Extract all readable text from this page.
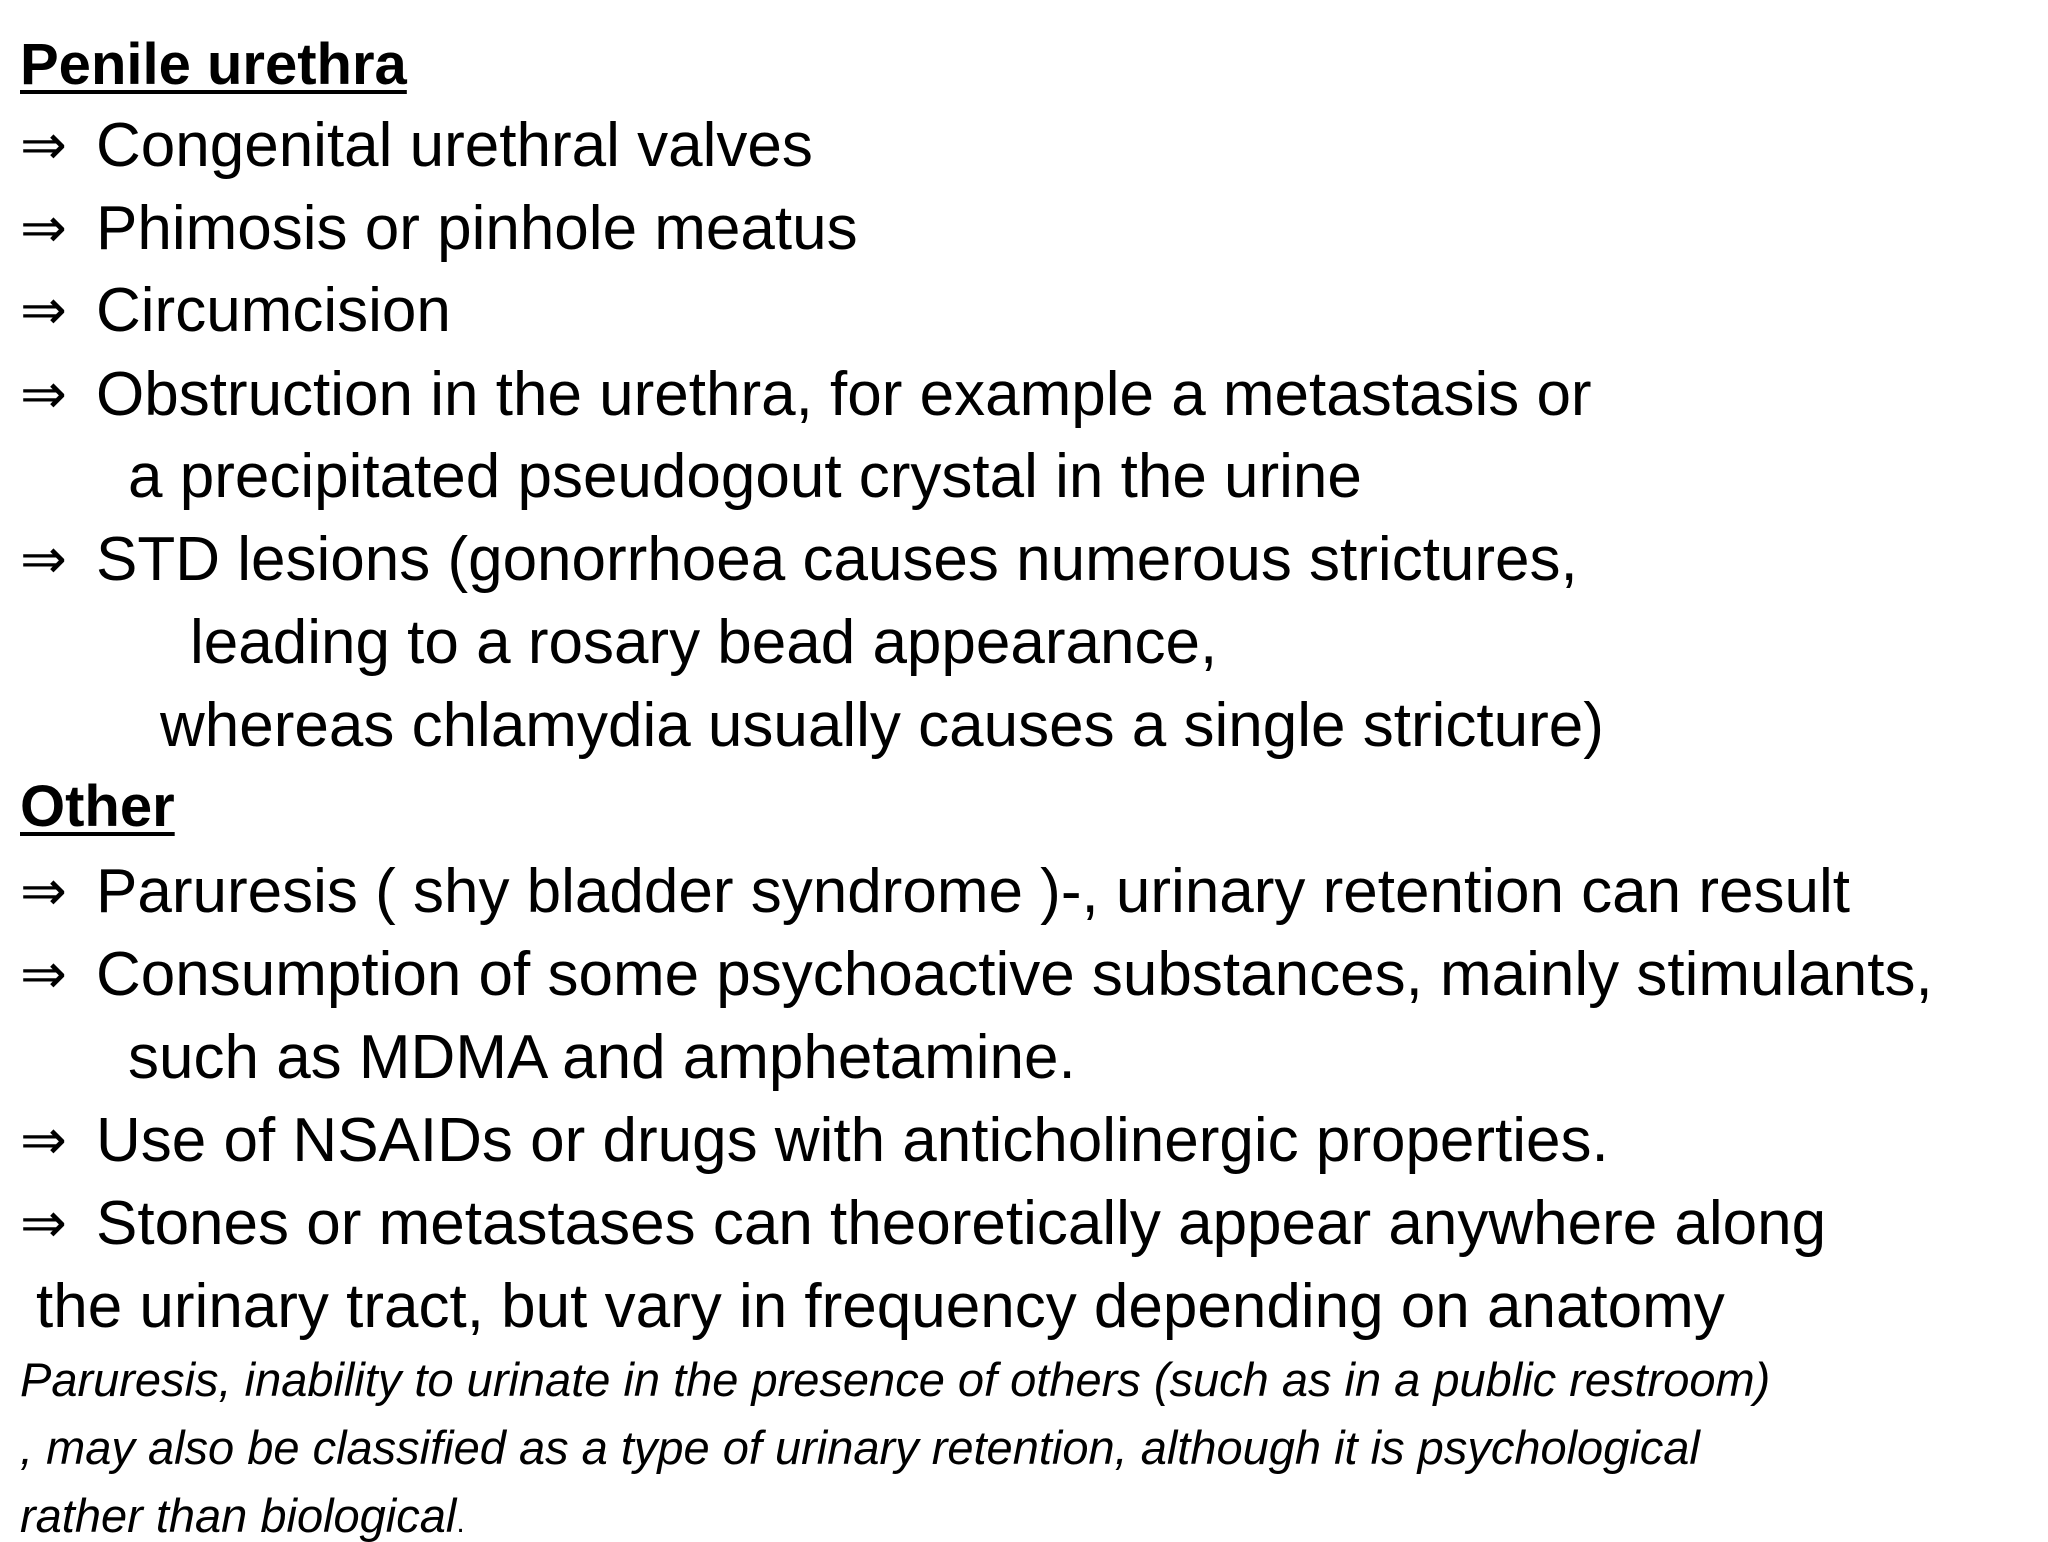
Penile urethra
⇒ Congenital urethral valves
⇒ Phimosis or pinhole meatus
⇒ Circumcision
⇒ Obstruction in the urethra, for example a metastasis or
a precipitated pseudogout crystal in the urine
⇒ STD lesions (gonorrhoea causes numerous strictures,
leading to a rosary bead appearance,
whereas chlamydia usually causes a single stricture)
Other
⇒ Paruresis ( shy bladder syndrome )-, urinary retention can result
⇒ Consumption of some psychoactive substances, mainly stimulants,
such as MDMA and amphetamine.
⇒ Use of NSAIDs or drugs with anticholinergic properties.
⇒ Stones or metastases can theoretically appear anywhere along
the urinary tract, but vary in frequency depending on anatomy
Paruresis, inability to urinate in the presence of others (such as in a public restroom)
, may also be classified as a type of urinary retention, although it is psychological
rather than biological.
